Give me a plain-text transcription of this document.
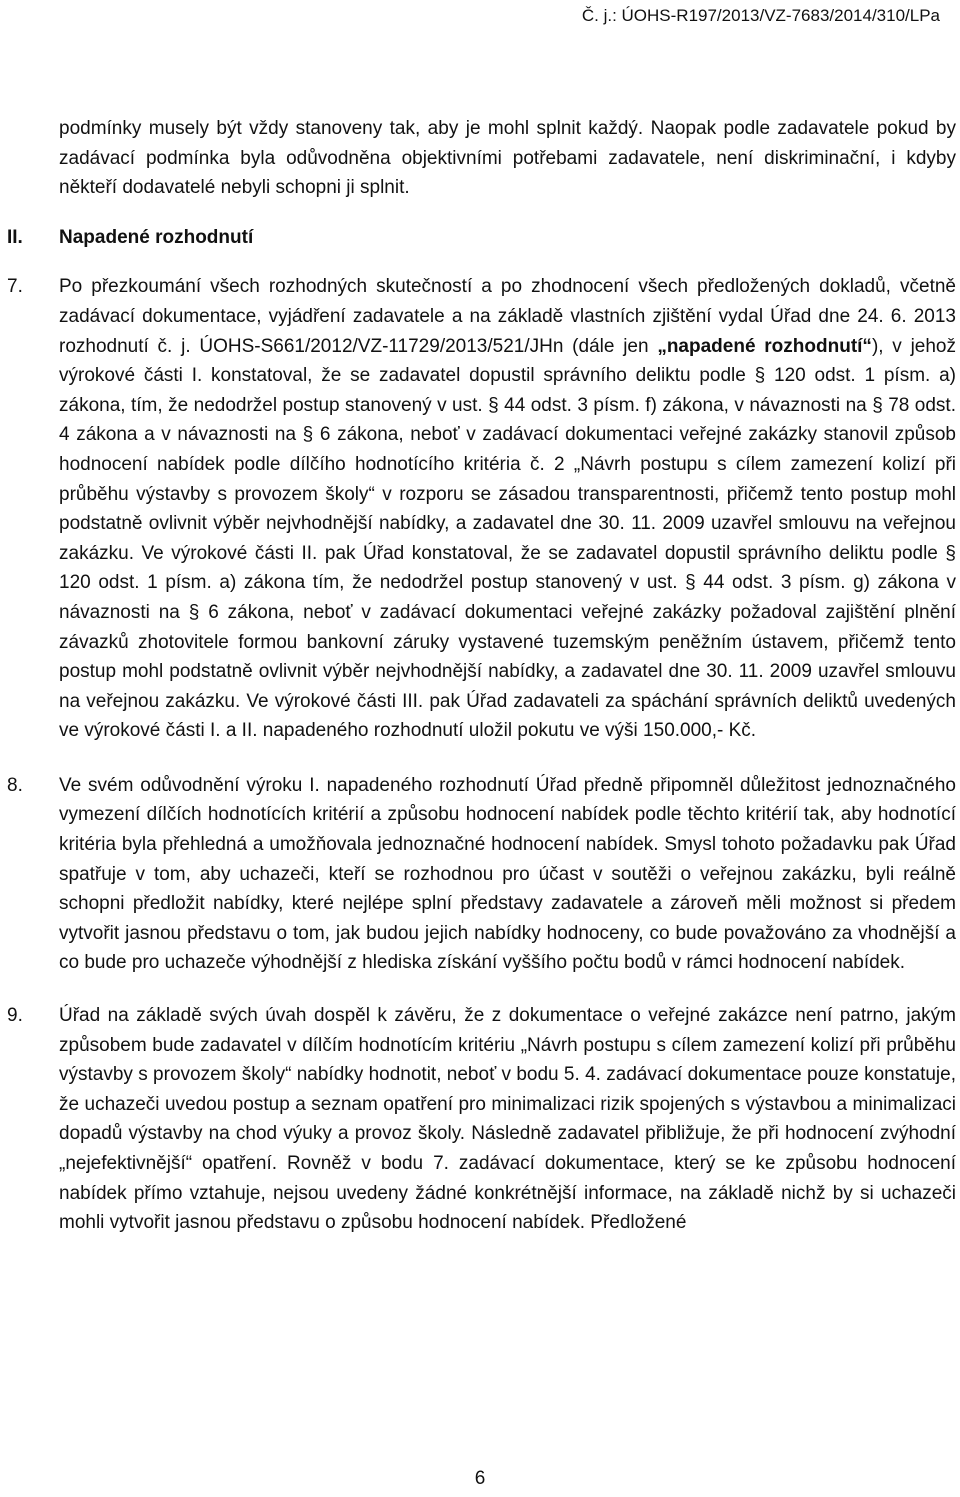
Č. j.: ÚOHS-R197/2013/VZ-7683/2014/310/LPa

podmínky musely být vždy stanoveny tak, aby je mohl splnit každý. Naopak podle zadavatele pokud by zadávací podmínka byla odůvodněna objektivními potřebami zadavatele, není diskriminační, i kdyby někteří dodavatelé nebyli schopni ji splnit.

II. Napadené rozhodnutí

7. Po přezkoumání všech rozhodných skutečností a po zhodnocení všech předložených dokladů, včetně zadávací dokumentace, vyjádření zadavatele a na základě vlastních zjištění vydal Úřad dne 24. 6. 2013 rozhodnutí č. j. ÚOHS-S661/2012/VZ-11729/2013/521/JHn (dále jen „napadené rozhodnutí“), v jehož výrokové části I. konstatoval, že se zadavatel dopustil správního deliktu podle § 120 odst. 1 písm. a) zákona, tím, že nedodržel postup stanovený v ust. § 44 odst. 3 písm. f) zákona, v návaznosti na § 78 odst. 4 zákona a v návaznosti na § 6 zákona, neboť v zadávací dokumentaci veřejné zakázky stanovil způsob hodnocení nabídek podle dílčího hodnotícího kritéria č. 2 „Návrh postupu s cílem zamezení kolizí při průběhu výstavby s provozem školy“ v rozporu se zásadou transparentnosti, přičemž tento postup mohl podstatně ovlivnit výběr nejvhodnější nabídky, a zadavatel dne 30. 11. 2009 uzavřel smlouvu na veřejnou zakázku. Ve výrokové části II. pak Úřad konstatoval, že se zadavatel dopustil správního deliktu podle § 120 odst. 1 písm. a) zákona tím, že nedodržel postup stanovený v ust. § 44 odst. 3 písm. g) zákona v návaznosti na § 6 zákona, neboť v zadávací dokumentaci veřejné zakázky požadoval zajištění plnění závazků zhotovitele formou bankovní záruky vystavené tuzemským peněžním ústavem, přičemž tento postup mohl podstatně ovlivnit výběr nejvhodnější nabídky, a zadavatel dne 30. 11. 2009 uzavřel smlouvu na veřejnou zakázku. Ve výrokové části III. pak Úřad zadavateli za spáchání správních deliktů uvedených ve výrokové části I. a II. napadeného rozhodnutí uložil pokutu ve výši 150.000,- Kč.

8. Ve svém odůvodnění výroku I. napadeného rozhodnutí Úřad předně připomněl důležitost jednoznačného vymezení dílčích hodnotících kritérií a způsobu hodnocení nabídek podle těchto kritérií tak, aby hodnotící kritéria byla přehledná a umožňovala jednoznačné hodnocení nabídek. Smysl tohoto požadavku pak Úřad spatřuje v tom, aby uchazeči, kteří se rozhodnou pro účast v soutěži o veřejnou zakázku, byli reálně schopni předložit nabídky, které nejlépe splní představy zadavatele a zároveň měli možnost si předem vytvořit jasnou představu o tom, jak budou jejich nabídky hodnoceny, co bude považováno za vhodnější a co bude pro uchazeče výhodnější z hlediska získání vyššího počtu bodů v rámci hodnocení nabídek.

9. Úřad na základě svých úvah dospěl k závěru, že z dokumentace o veřejné zakázce není patrno, jakým způsobem bude zadavatel v dílčím hodnotícím kritériu „Návrh postupu s cílem zamezení kolizí při průběhu výstavby s provozem školy“ nabídky hodnotit, neboť v bodu 5. 4. zadávací dokumentace pouze konstatuje, že uchazeči uvedou postup a seznam opatření pro minimalizaci rizik spojených s výstavbou a minimalizaci dopadů výstavby na chod výuky a provoz školy. Následně zadavatel přibližuje, že při hodnocení zvýhodní „nejefektivnější“ opatření. Rovněž v bodu 7. zadávací dokumentace, který se ke způsobu hodnocení nabídek přímo vztahuje, nejsou uvedeny žádné konkrétnější informace, na základě nichž by si uchazeči mohli vytvořit jasnou představu o způsobu hodnocení nabídek. Předložené

6
